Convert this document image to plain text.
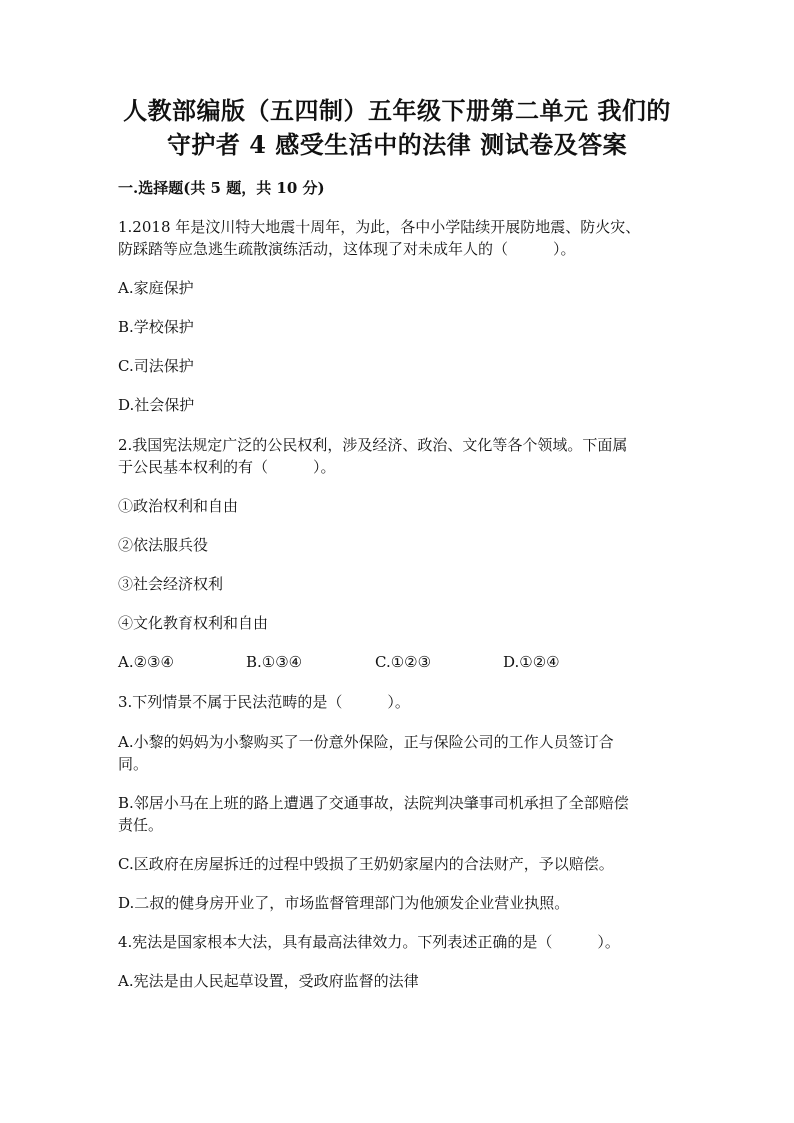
人教部编版（五四制）五年级下册第二单元 我们的
守护者 4 感受生活中的法律 测试卷及答案
一.选择题(共 5 题，共 10 分)
1.2018 年是汶川特大地震十周年，为此，各中小学陆续开展防地震、防火灾、
防踩踏等应急逃生疏散演练活动，这体现了对未成年人的（　　　）。
A.家庭保护
B.学校保护
C.司法保护
D.社会保护
2.我国宪法规定广泛的公民权利，涉及经济、政治、文化等各个领域。下面属
于公民基本权利的有（　　　）。
①政治权利和自由
②依法服兵役
③社会经济权利
④文化教育权利和自由
A.②③④	B.①③④	C.①②③	D.①②④
3.下列情景不属于民法范畴的是（　　　）。
A.小黎的妈妈为小黎购买了一份意外保险，正与保险公司的工作人员签订合
同。
B.邻居小马在上班的路上遭遇了交通事故，法院判决肇事司机承担了全部赔偿
责任。
C.区政府在房屋拆迁的过程中毁损了王奶奶家屋内的合法财产，予以赔偿。
D.二叔的健身房开业了，市场监督管理部门为他颁发企业营业执照。
4.宪法是国家根本大法，具有最高法律效力。下列表述正确的是（　　　）。
A.宪法是由人民起草设置，受政府监督的法律
